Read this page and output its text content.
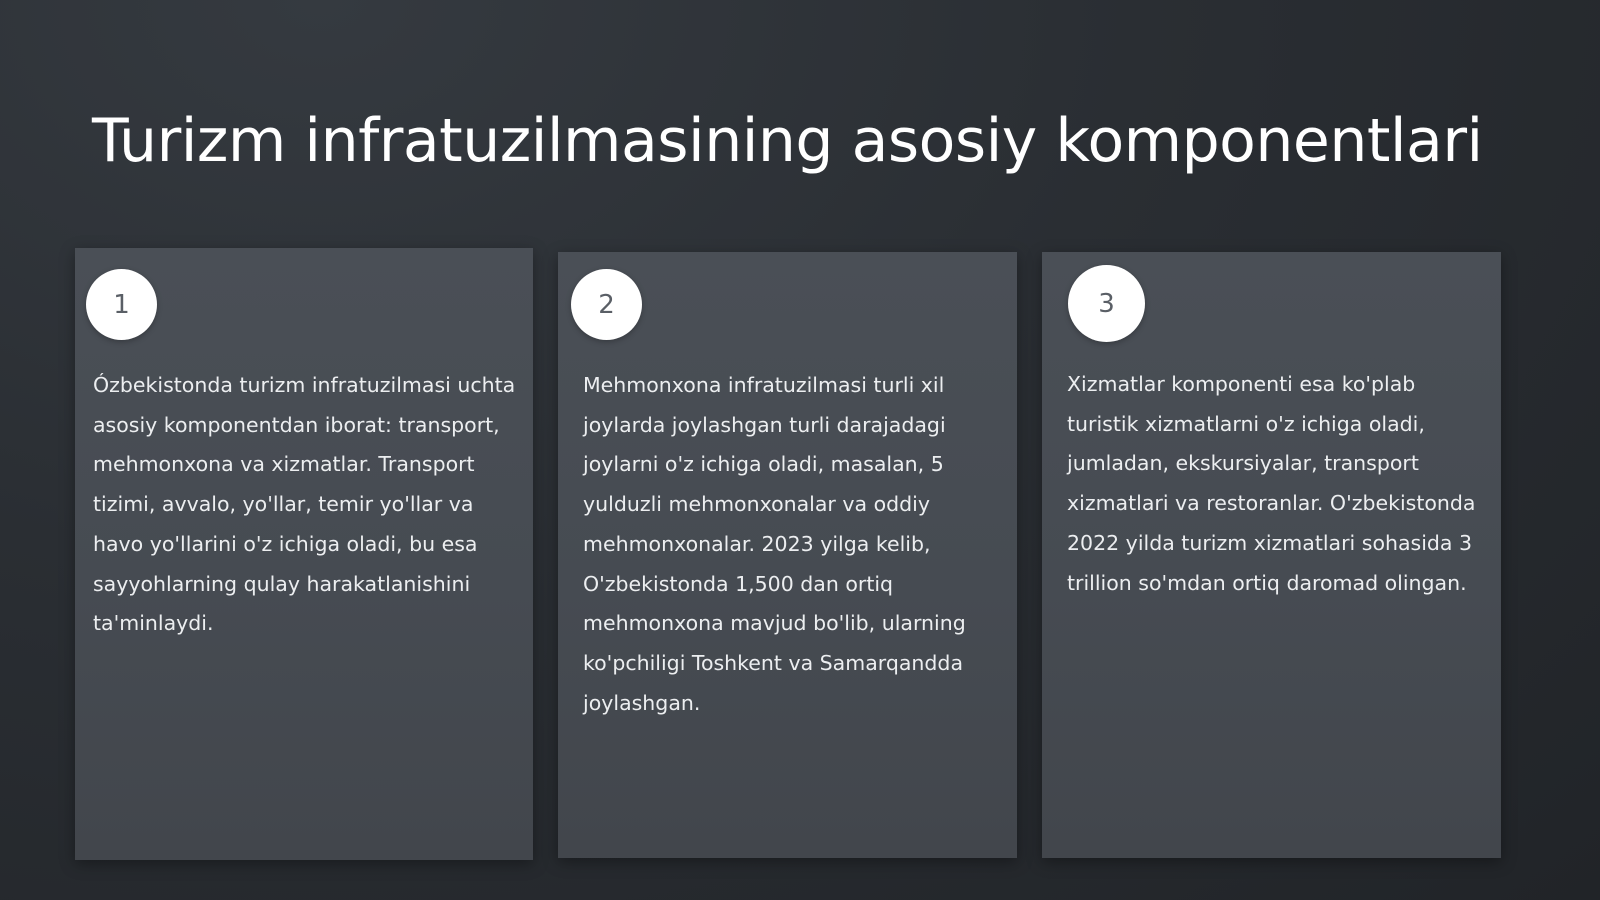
Turizm infratuzilmasining asosiy komponentlari
1

Ózbekistonda turizm infratuzilmasi uchta asosiy komponentdan iborat: transport, mehmonxona va xizmatlar. Transport tizimi, avvalo, yo'llar, temir yo'llar va havo yo'llarini o'z ichiga oladi, bu esa sayyohlarning qulay harakatlanishini ta'minlaydi.

2

Mehmonxona infratuzilmasi turli xil joylarda joylashgan turli darajadagi joylarni o'z ichiga oladi, masalan, 5 yulduzli mehmonxonalar va oddiy mehmonxonalar. 2023 yilga kelib, O'zbekistonda 1,500 dan ortiq mehmonxona mavjud bo'lib, ularning ko'pchiligi Toshkent va Samarqandda joylashgan.

3

Xizmatlar komponenti esa ko'plab turistik xizmatlarni o'z ichiga oladi, jumladan, ekskursiyalar, transport xizmatlari va restoranlar. O'zbekistonda 2022 yilda turizm xizmatlari sohasida 3 trillion so'mdan ortiq daromad olingan.
